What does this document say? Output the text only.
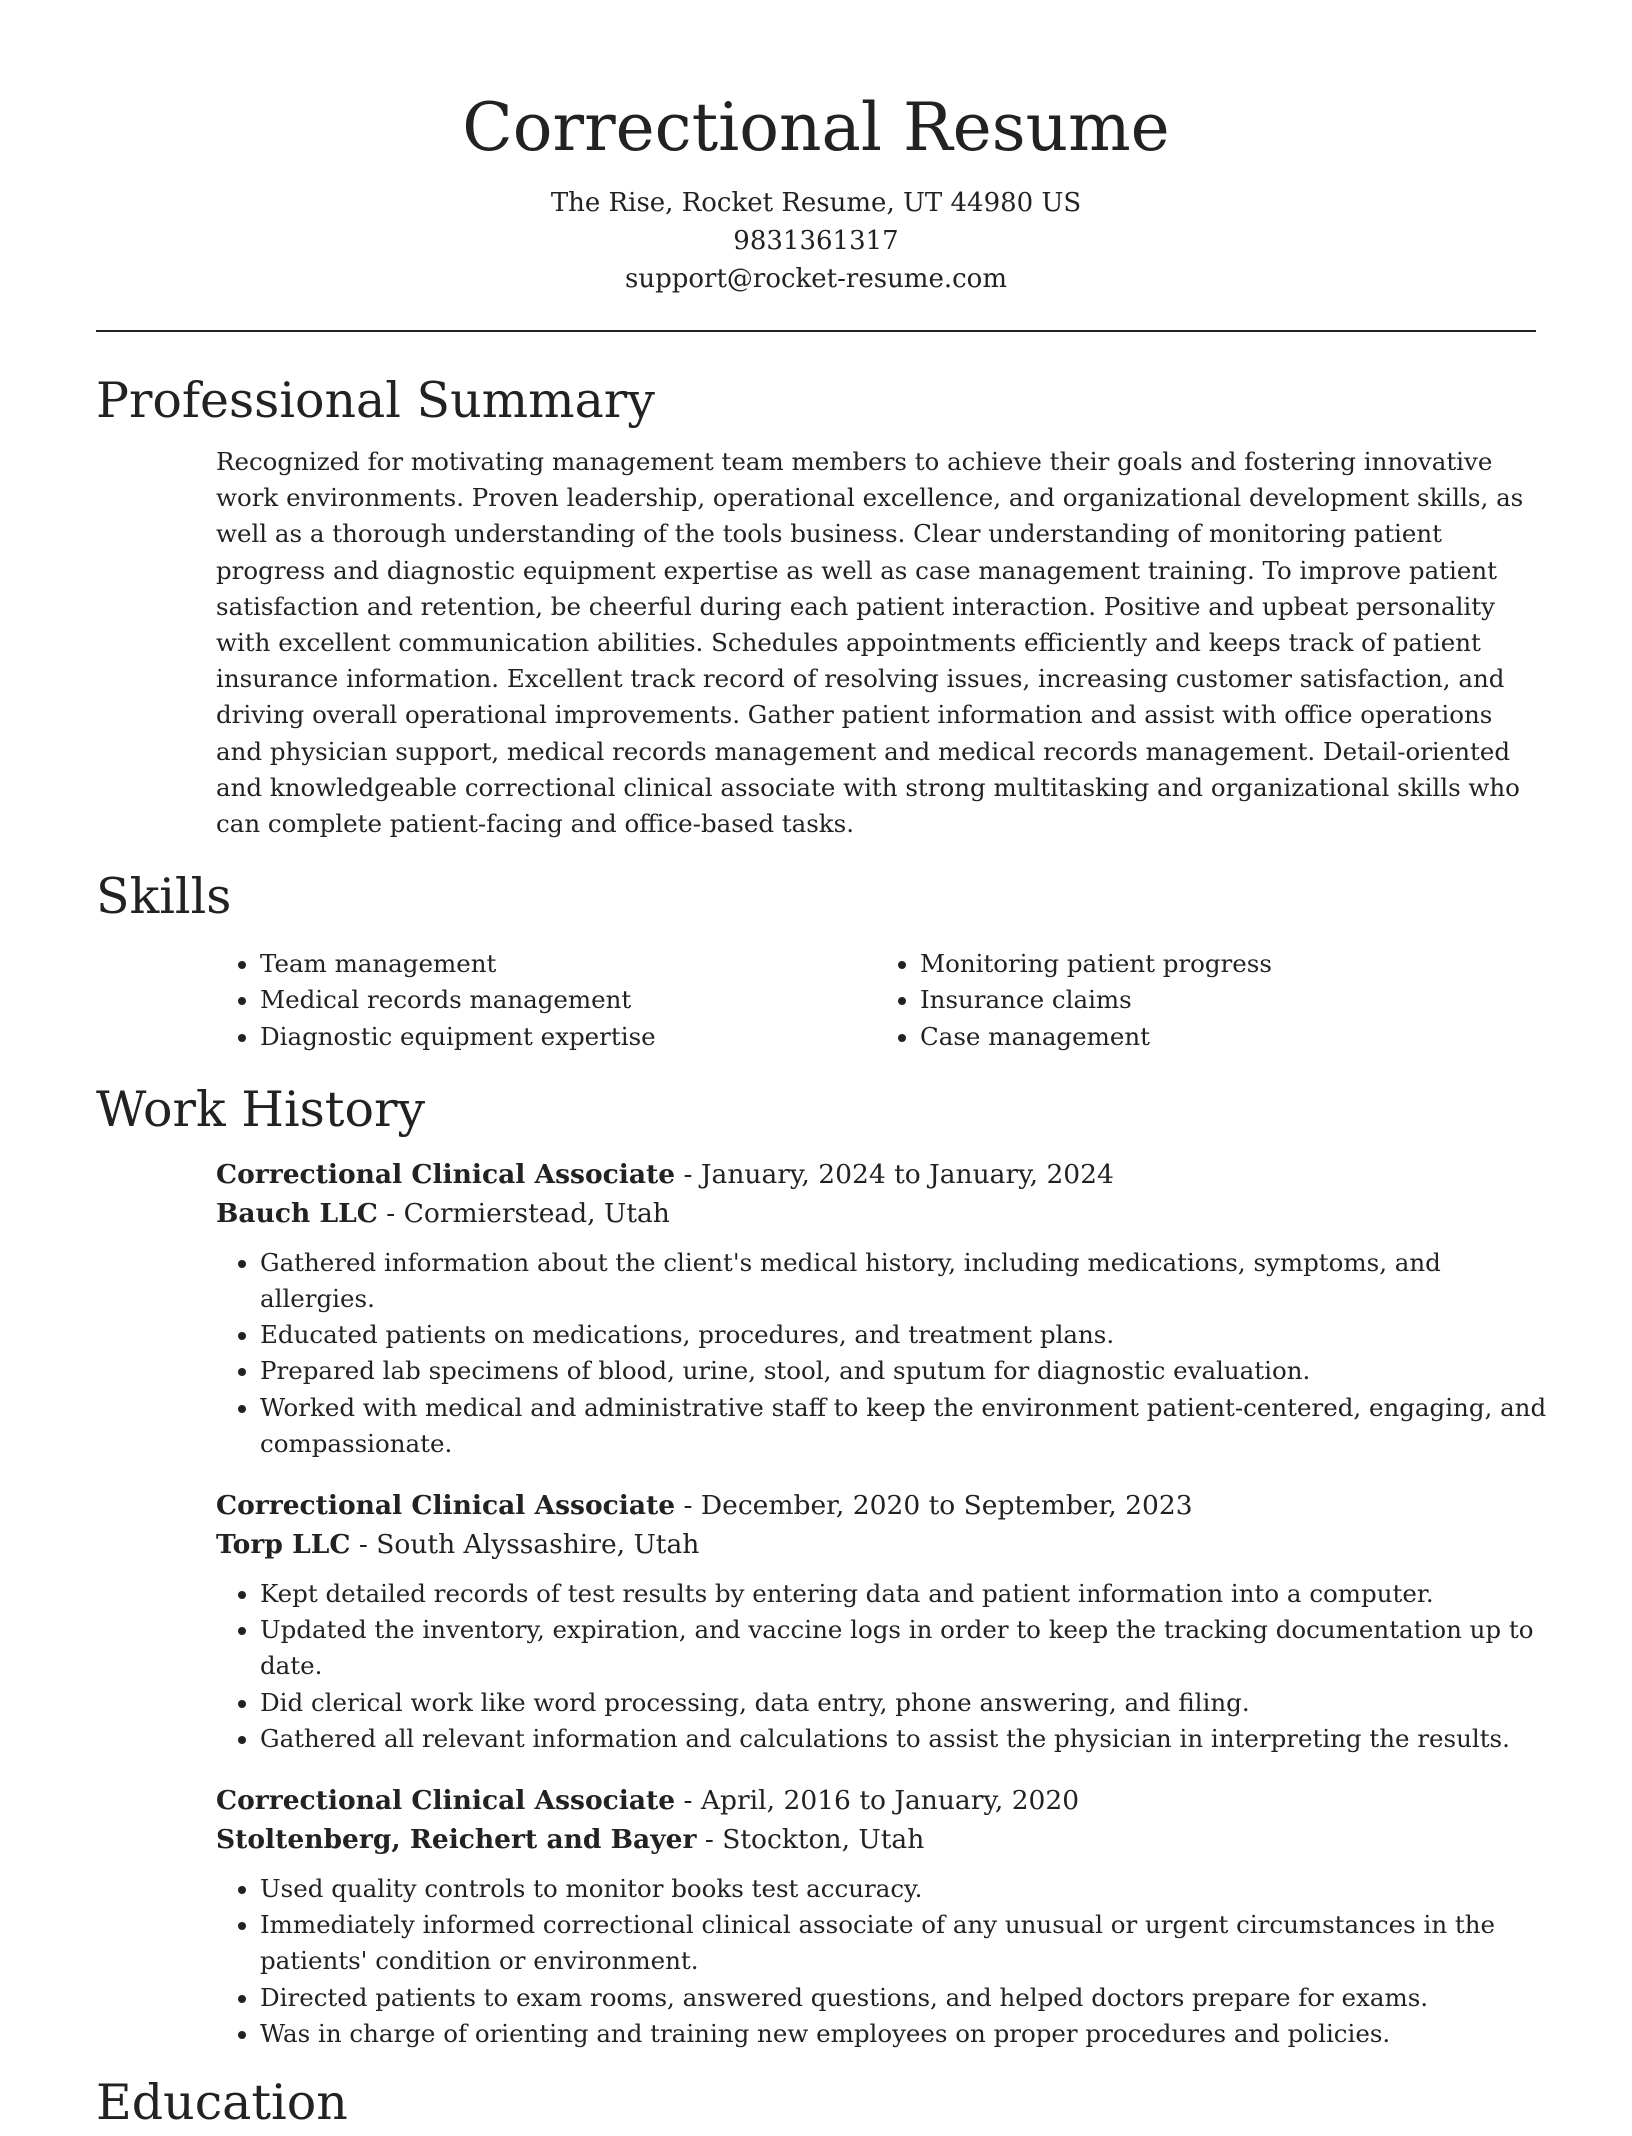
Correctional Resume

The Rise, Rocket Resume, UT 44980 US

9831361317

support@rocket-resume.com

Professional Summary

Recognized for motivating management team members to achieve their goals and fostering innovative work environments. Proven leadership, operational excellence, and organizational development skills, as well as a thorough understanding of the tools business. Clear understanding of monitoring patient progress and diagnostic equipment expertise as well as case management training. To improve patient satisfaction and retention, be cheerful during each patient interaction. Positive and upbeat personality with excellent communication abilities. Schedules appointments efficiently and keeps track of patient insurance information. Excellent track record of resolving issues, increasing customer satisfaction, and driving overall operational improvements. Gather patient information and assist with office operations and physician support, medical records management and medical records management. Detail-oriented and knowledgeable correctional clinical associate with strong multitasking and organizational skills who can complete patient-facing and office-based tasks.

Skills
• Team management
• Medical records management
• Diagnostic equipment expertise
• Monitoring patient progress
• Insurance claims
• Case management
Work History
Correctional Clinical Associate - January, 2024 to January, 2024
Bauch LLC - Cormierstead, Utah
• Gathered information about the client's medical history, including medications, symptoms, and allergies.
• Educated patients on medications, procedures, and treatment plans.
• Prepared lab specimens of blood, urine, stool, and sputum for diagnostic evaluation.
• Worked with medical and administrative staff to keep the environment patient-centered, engaging, and compassionate.
Correctional Clinical Associate - December, 2020 to September, 2023
Torp LLC - South Alyssashire, Utah
• Kept detailed records of test results by entering data and patient information into a computer.
• Updated the inventory, expiration, and vaccine logs in order to keep the tracking documentation up to date.
• Did clerical work like word processing, data entry, phone answering, and filing.
• Gathered all relevant information and calculations to assist the physician in interpreting the results.
Correctional Clinical Associate - April, 2016 to January, 2020
Stoltenberg, Reichert and Bayer - Stockton, Utah
• Used quality controls to monitor books test accuracy.
• Immediately informed correctional clinical associate of any unusual or urgent circumstances in the patients' condition or environment.
• Directed patients to exam rooms, answered questions, and helped doctors prepare for exams.
• Was in charge of orienting and training new employees on proper procedures and policies.
Education
